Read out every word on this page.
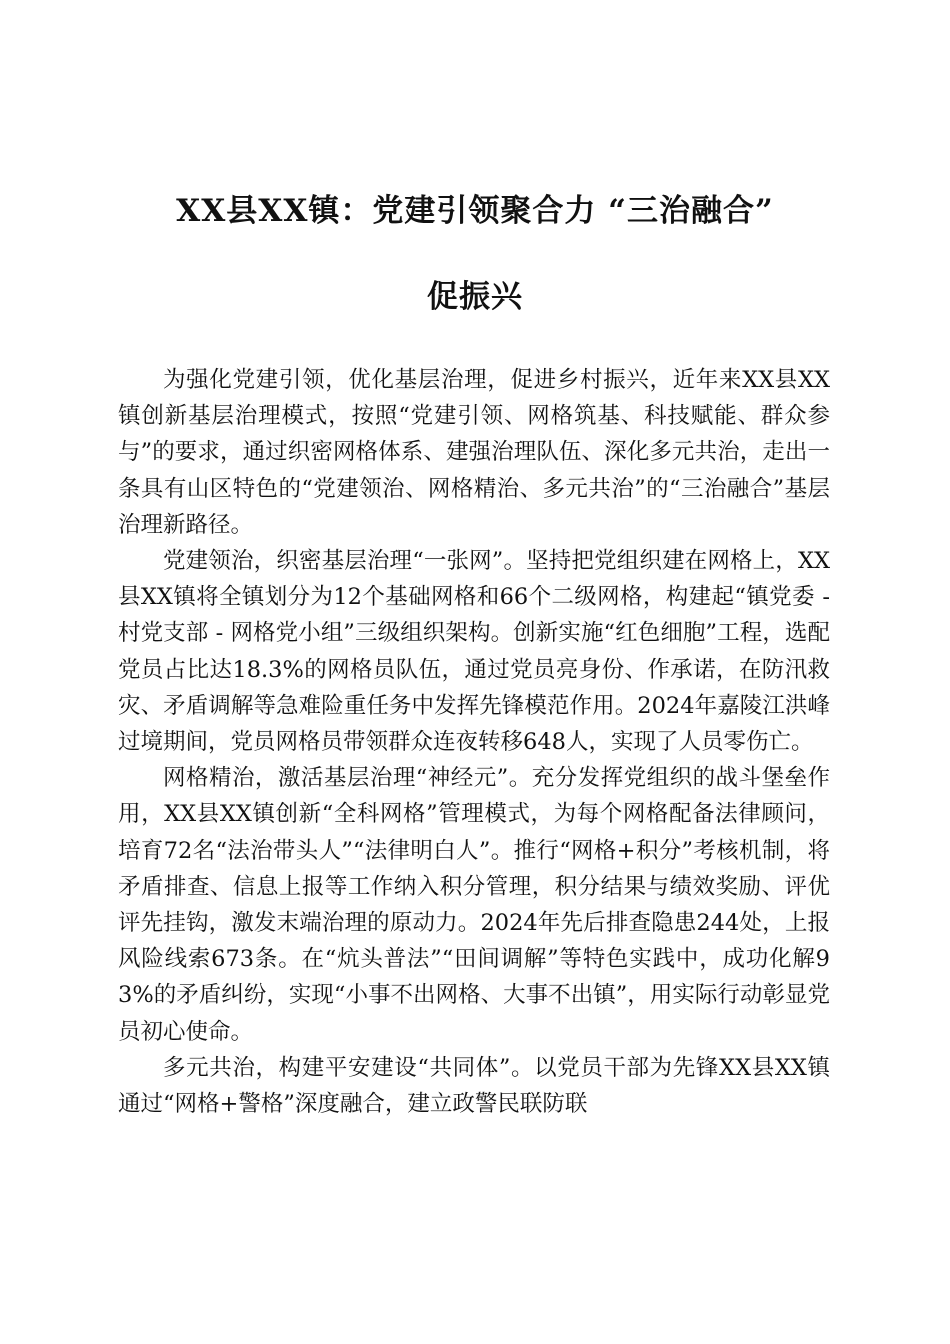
XX县XX镇：党建引领聚合力 “三治融合”
促振兴

为强化党建引领，优化基层治理，促进乡村振兴，近年来XX县XX镇创新基层治理模式，按照“党建引领、网格筑基、科技赋能、群众参与”的要求，通过织密网格体系、建强治理队伍、深化多元共治，走出一条具有山区特色的“党建领治、网格精治、多元共治”的“三治融合”基层治理新路径。

党建领治，织密基层治理“一张网”。坚持把党组织建在网格上，XX县XX镇将全镇划分为12个基础网格和66个二级网格，构建起“镇党委 - 村党支部 - 网格党小组”三级组织架构。创新实施“红色细胞”工程，选配党员占比达18.3%的网格员队伍，通过党员亮身份、作承诺，在防汛救灾、矛盾调解等急难险重任务中发挥先锋模范作用。2024年嘉陵江洪峰过境期间，党员网格员带领群众连夜转移648人，实现了人员零伤亡。

网格精治，激活基层治理“神经元”。充分发挥党组织的战斗堡垒作用，XX县XX镇创新“全科网格”管理模式，为每个网格配备法律顾问，培育72名“法治带头人”“法律明白人”。推行“网格+积分”考核机制，将矛盾排查、信息上报等工作纳入积分管理，积分结果与绩效奖励、评优评先挂钩，激发末端治理的原动力。2024年先后排查隐患244处，上报风险线索673条。在“炕头普法”“田间调解”等特色实践中，成功化解93%的矛盾纠纷，实现“小事不出网格、大事不出镇”，用实际行动彰显党员初心使命。

多元共治，构建平安建设“共同体”。以党员干部为先锋XX县XX镇通过“网格+警格”深度融合，建立政警民联防联
